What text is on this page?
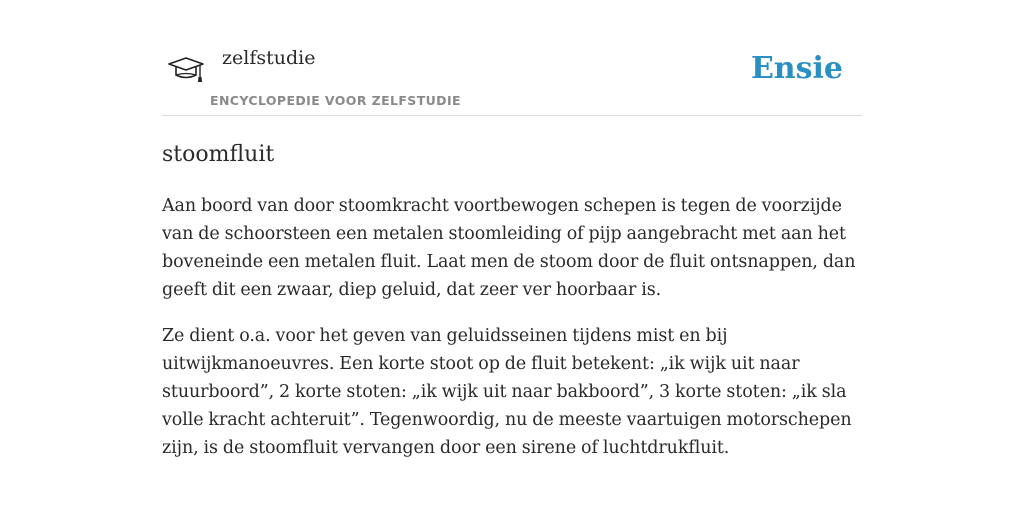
zelfstudie
ENCYCLOPEDIE VOOR ZELFSTUDIE
Ensie
stoomfluit

Aan boord van door stoomkracht voortbewogen schepen is tegen de voorzijde van de schoorsteen een metalen stoomleiding of pijp aangebracht met aan het boveneinde een metalen fluit. Laat men de stoom door de fluit ontsnappen, dan geeft dit een zwaar, diep geluid, dat zeer ver hoorbaar is.

Ze dient o.a. voor het geven van geluidsseinen tijdens mist en bij uitwijkmanoeuvres. Een korte stoot op de fluit betekent: „ik wijk uit naar stuurboord”, 2 korte stoten: „ik wijk uit naar bakboord”, 3 korte stoten: „ik sla volle kracht achteruit”. Tegenwoordig, nu de meeste vaartuigen motorschepen zijn, is de stoomfluit vervangen door een sirene of luchtdrukfluit.
